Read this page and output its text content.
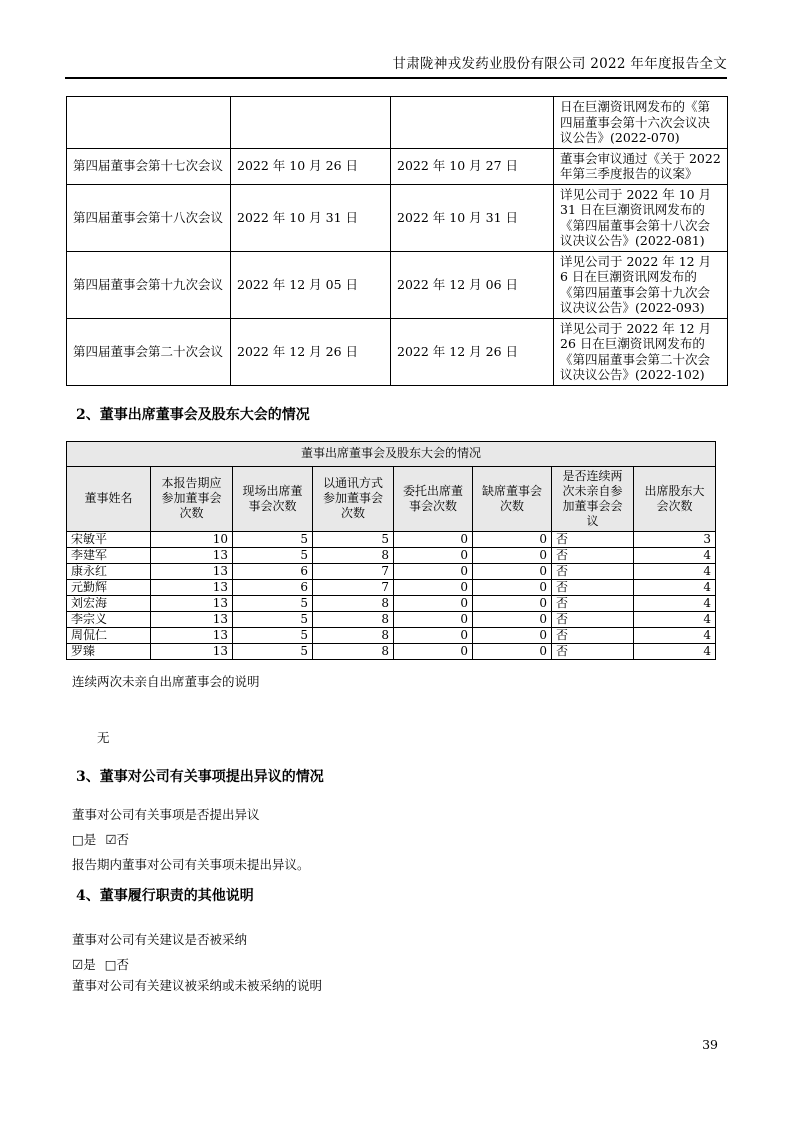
甘肃陇神戎发药业股份有限公司 2022 年年度报告全文
			日在巨潮资讯网发布的《第四届董事会第十六次会议决议公告》(2022-070)
第四届董事会第十七次会议	2022 年 10 月 26 日	2022 年 10 月 27 日	董事会审议通过《关于 2022 年第三季度报告的议案》
第四届董事会第十八次会议	2022 年 10 月 31 日	2022 年 10 月 31 日	详见公司于 2022 年 10 月 31 日在巨潮资讯网发布的《第四届董事会第十八次会议决议公告》(2022-081)
第四届董事会第十九次会议	2022 年 12 月 05 日	2022 年 12 月 06 日	详见公司于 2022 年 12 月 6 日在巨潮资讯网发布的《第四届董事会第十九次会议决议公告》(2022-093)
第四届董事会第二十次会议	2022 年 12 月 26 日	2022 年 12 月 26 日	详见公司于 2022 年 12 月 26 日在巨潮资讯网发布的《第四届董事会第二十次会议决议公告》(2022-102)
2、董事出席董事会及股东大会的情况
董事出席董事会及股东大会的情况							
董事姓名	本报告期应参加董事会次数	现场出席董事会次数	以通讯方式参加董事会次数	委托出席董事会次数	缺席董事会次数	是否连续两次未亲自参加董事会会议	出席股东大会次数
宋敏平	10	5	5	0	0	否	3
李建军	13	5	8	0	0	否	4
康永红	13	6	7	0	0	否	4
元勤辉	13	6	7	0	0	否	4
刘宏海	13	5	8	0	0	否	4
李宗义	13	5	8	0	0	否	4
周侃仁	13	5	8	0	0	否	4
罗臻	13	5	8	0	0	否	4

连续两次未亲自出席董事会的说明

无

3、董事对公司有关事项提出异议的情况

董事对公司有关事项是否提出异议

□是 ☑否

报告期内董事对公司有关事项未提出异议。

4、董事履行职责的其他说明

董事对公司有关建议是否被采纳

☑是 □否

董事对公司有关建议被采纳或未被采纳的说明

39
